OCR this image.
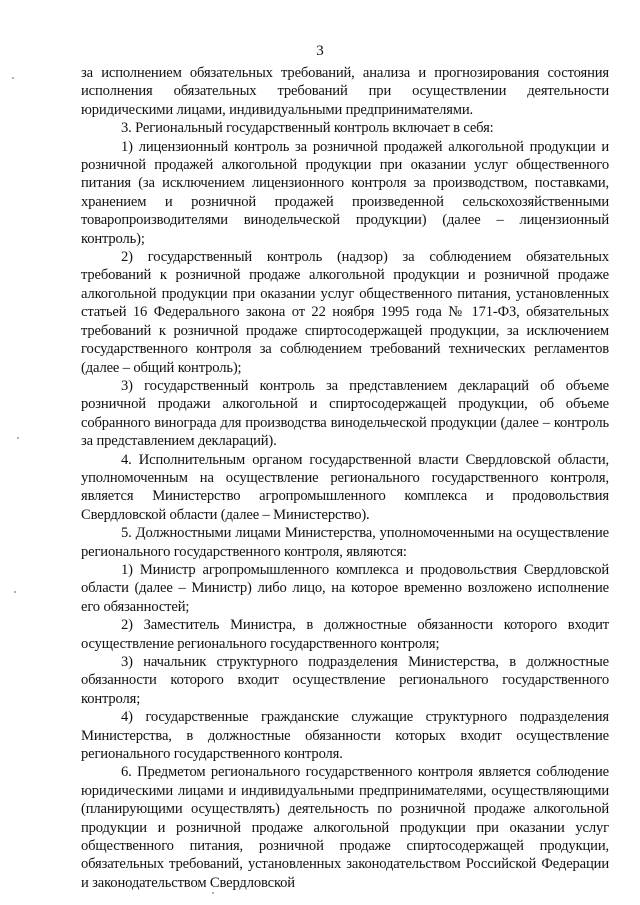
3

за исполнением обязательных требований, анализа и прогнозирования состояния исполнения обязательных требований при осуществлении деятельности юридическими лицами, индивидуальными предпринимателями.

3. Региональный государственный контроль включает в себя:

1) лицензионный контроль за розничной продажей алкогольной продукции и розничной продажей алкогольной продукции при оказании услуг общественного питания (за исключением лицензионного контроля за производством, поставками, хранением и розничной продажей произведенной сельскохозяйственными товаропроизводителями винодельческой продукции) (далее – лицензионный контроль);

2) государственный контроль (надзор) за соблюдением обязательных требований к розничной продаже алкогольной продукции и розничной продаже алкогольной продукции при оказании услуг общественного питания, установленных статьей 16 Федерального закона от 22 ноября 1995 года № 171-ФЗ, обязательных требований к розничной продаже спиртосодержащей продукции, за исключением государственного контроля за соблюдением требований технических регламентов (далее – общий контроль);

3) государственный контроль за представлением деклараций об объеме розничной продажи алкогольной и спиртосодержащей продукции, об объеме собранного винограда для производства винодельческой продукции (далее – контроль за представлением деклараций).

4. Исполнительным органом государственной власти Свердловской области, уполномоченным на осуществление регионального государственного контроля, является Министерство агропромышленного комплекса и продовольствия Свердловской области (далее – Министерство).

5. Должностными лицами Министерства, уполномоченными на осуществление регионального государственного контроля, являются:

1) Министр агропромышленного комплекса и продовольствия Свердловской области (далее – Министр) либо лицо, на которое временно возложено исполнение его обязанностей;

2) Заместитель Министра, в должностные обязанности которого входит осуществление регионального государственного контроля;

3) начальник структурного подразделения Министерства, в должностные обязанности которого входит осуществление регионального государственного контроля;

4) государственные гражданские служащие структурного подразделения Министерства, в должностные обязанности которых входит осуществление регионального государственного контроля.

6. Предметом регионального государственного контроля является соблюдение юридическими лицами и индивидуальными предпринимателями, осуществляющими (планирующими осуществлять) деятельность по розничной продаже алкогольной продукции и розничной продаже алкогольной продукции при оказании услуг общественного питания, розничной продаже спиртосодержащей продукции, обязательных требований, установленных законодательством Российской Федерации и законодательством Свердловской
